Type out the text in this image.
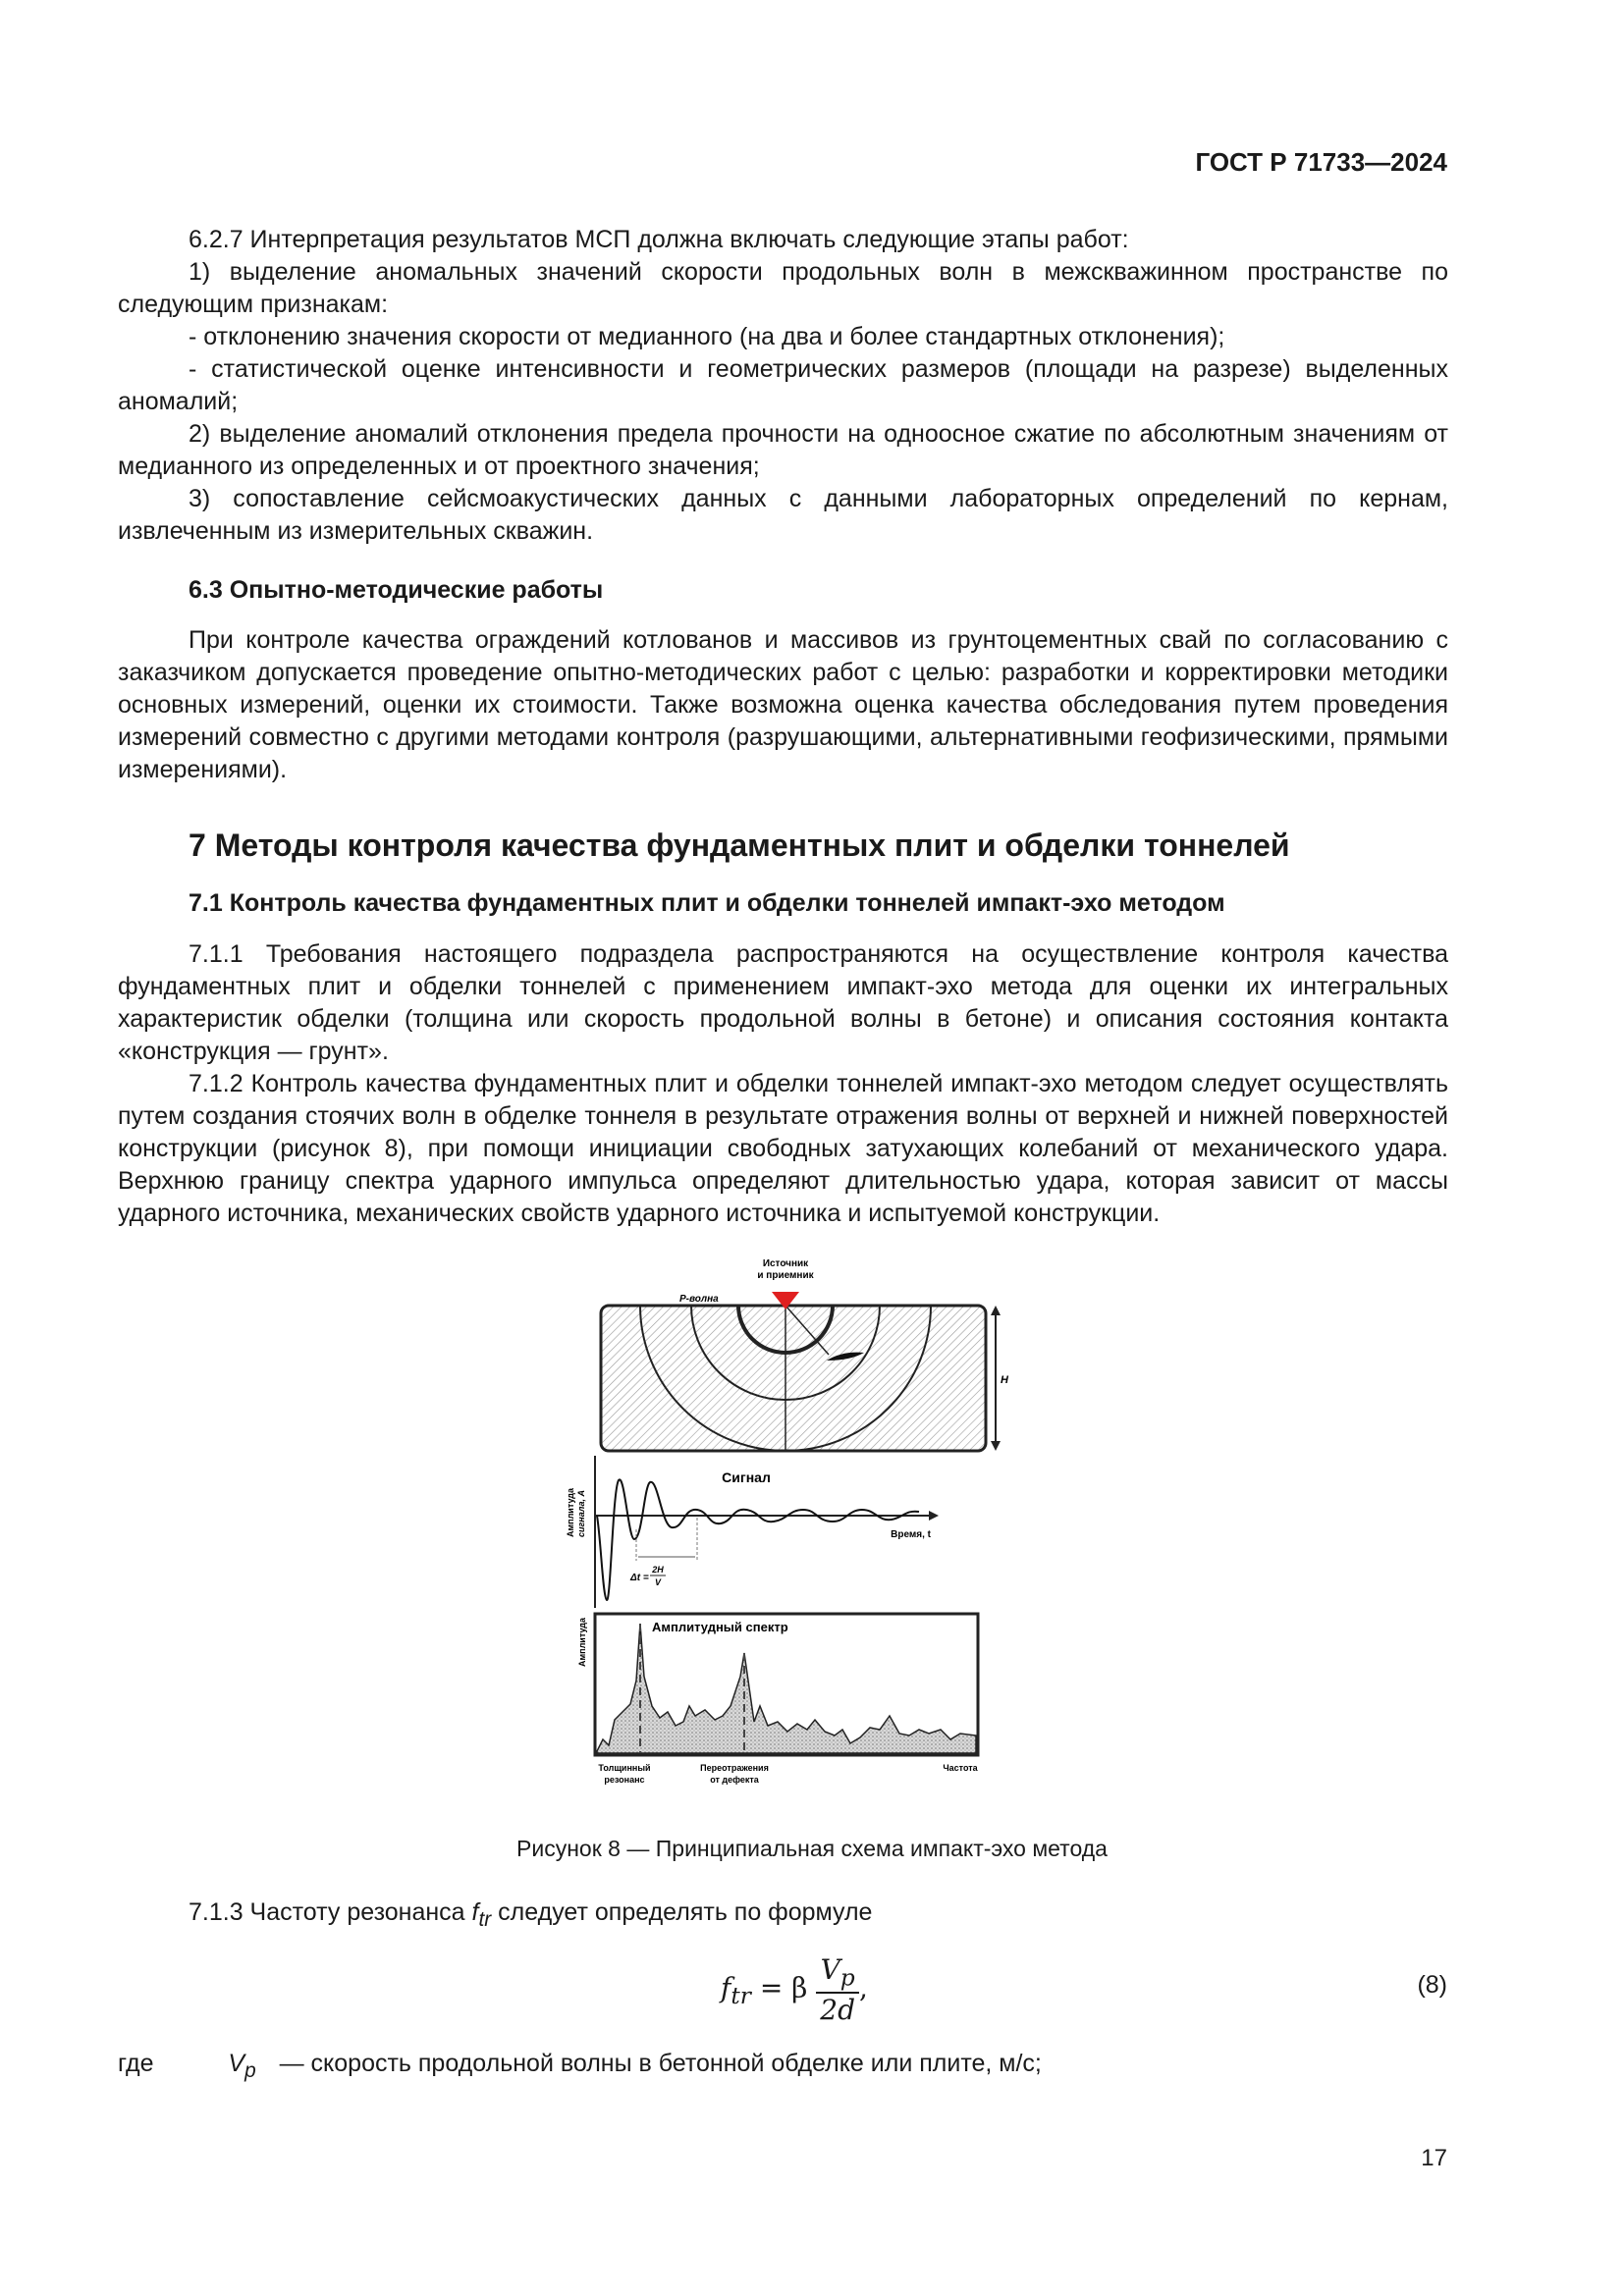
ГОСТ Р 71733—2024

6.2.7 Интерпретация результатов МСП должна включать следующие этапы работ:

1) выделение аномальных значений скорости продольных волн в межскважинном пространстве по следующим признакам:

- отклонению значения скорости от медианного (на два и более стандартных отклонения);

- статистической оценке интенсивности и геометрических размеров (площади на разрезе) выделенных аномалий;

2) выделение аномалий отклонения предела прочности на одноосное сжатие по абсолютным значениям от медианного из определенных и от проектного значения;

3) сопоставление сейсмоакустических данных с данными лабораторных определений по кернам, извлеченным из измерительных скважин.

6.3 Опытно-методические работы

При контроле качества ограждений котлованов и массивов из грунтоцементных свай по согласованию с заказчиком допускается проведение опытно-методических работ с целью: разработки и корректировки методики основных измерений, оценки их стоимости. Также возможна оценка качества обследования путем проведения измерений совместно с другими методами контроля (разрушающими, альтернативными геофизическими, прямыми измерениями).

7 Методы контроля качества фундаментных плит и обделки тоннелей
7.1 Контроль качества фундаментных плит и обделки тоннелей импакт-эхо методом

7.1.1 Требования настоящего подраздела распространяются на осуществление контроля качества фундаментных плит и обделки тоннелей с применением импакт-эхо метода для оценки их интегральных характеристик обделки (толщина или скорость продольной волны в бетоне) и описания состояния контакта «конструкция — грунт».

7.1.2 Контроль качества фундаментных плит и обделки тоннелей импакт-эхо методом следует осуществлять путем создания стоячих волн в обделке тоннеля в результате отражения волны от верхней и нижней поверхностей конструкции (рисунок 8), при помощи инициации свободных затухающих колебаний от механического удара. Верхнюю границу спектра ударного импульса определяют длительностью удара, которая зависит от массы ударного источника, механических свойств ударного источника и испытуемой конструкции.

Источник
и приемник
P-волна
H
Сигнал
Амплитуда сигнала, A	Время, t
Δt =
2H
V
Амплитудный спектр
Амплитуда
Толщинный
резонанс
Переотражения
от дефекта
Частота
Рисунок 8 — Принципиальная схема импакт-эхо метода

7.1.3 Частоту резонанса $f_{tr}$ следует определять по формуле

$f_{tr} = \beta \frac{V_p}{2d}$ ,	(8)
где	$V_p$ — скорость продольной волны в бетонной обделке или плите, м/с;
17
